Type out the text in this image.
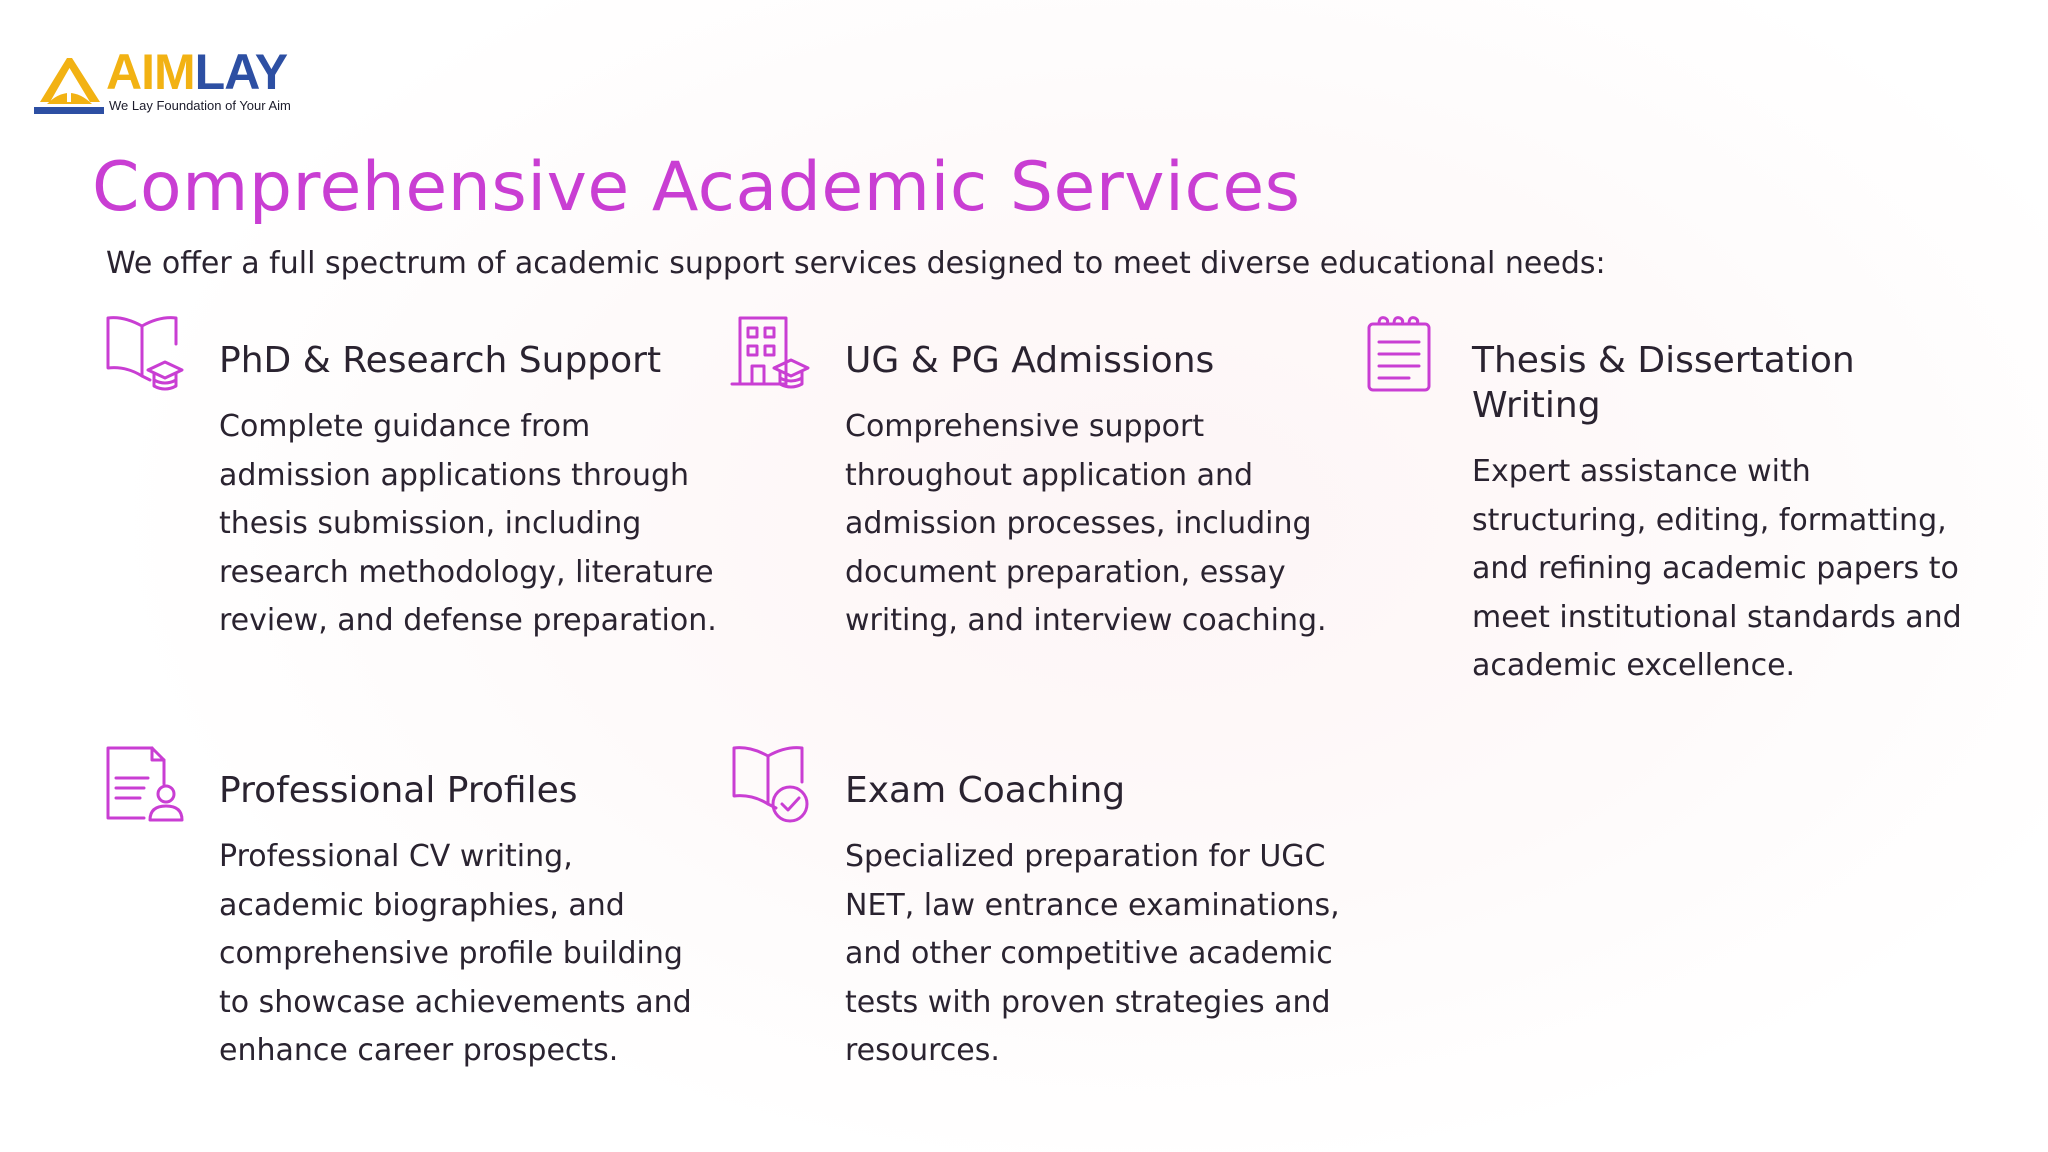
AIMLAY
We Lay Foundation of Your Aim
Comprehensive Academic Services

We offer a full spectrum of academic support services designed to meet diverse educational needs:

PhD & Research Support

Complete guidance from admission applications through thesis submission, including research methodology, literature review, and defense preparation.

UG & PG Admissions

Comprehensive support throughout application and admission processes, including document preparation, essay writing, and interview coaching.

Thesis & Dissertation Writing

Expert assistance with structuring, editing, formatting, and refining academic papers to meet institutional standards and academic excellence.

Professional Profiles

Professional CV writing, academic biographies, and comprehensive profile building to showcase achievements and enhance career prospects.

Exam Coaching

Specialized preparation for UGC NET, law entrance examinations, and other competitive academic tests with proven strategies and resources.
